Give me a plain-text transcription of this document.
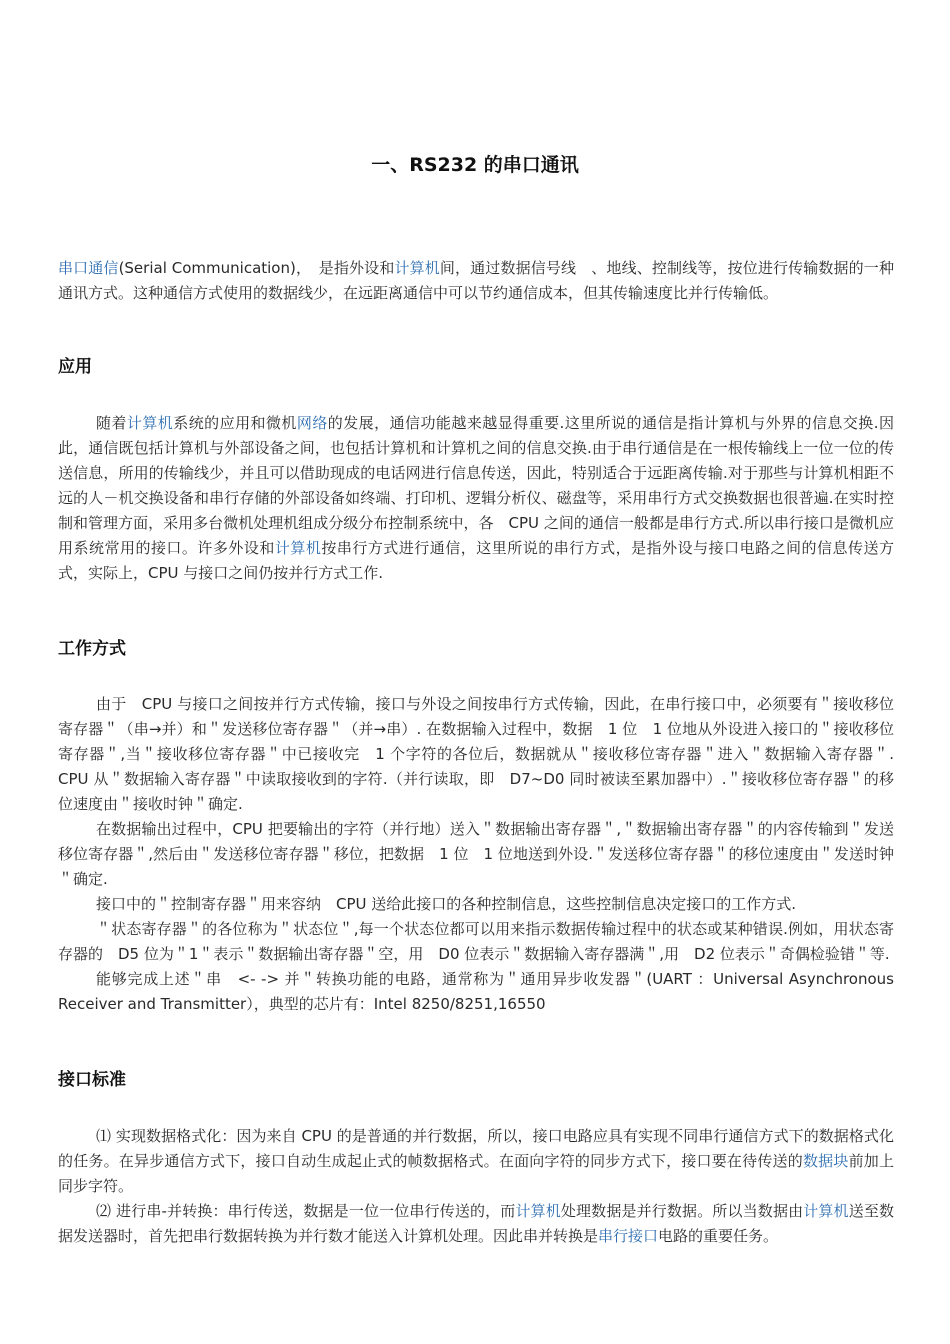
一、RS232 的串口通讯

串口通信(Serial Communication)，　是指外设和计算机间，通过数据信号线　、地线、控制线等，按位进行传输数据的一种通讯方式。这种通信方式使用的数据线少，在远距离通信中可以节约通信成本，但其传输速度比并行传输低。

应用

随着计算机系统的应用和微机网络的发展，通信功能越来越显得重要.这里所说的通信是指计算机与外界的信息交换.因此，通信既包括计算机与外部设备之间，也包括计算机和计算机之间的信息交换.由于串行通信是在一根传输线上一位一位的传送信息，所用的传输线少，并且可以借助现成的电话网进行信息传送，因此，特别适合于远距离传输.对于那些与计算机相距不远的人－机交换设备和串行存储的外部设备如终端、打印机、逻辑分析仪、磁盘等，采用串行方式交换数据也很普遍.在实时控制和管理方面，采用多台微机处理机组成分级分布控制系统中，各　CPU 之间的通信一般都是串行方式.所以串行接口是微机应用系统常用的接口。许多外设和计算机按串行方式进行通信，这里所说的串行方式，是指外设与接口电路之间的信息传送方式，实际上，CPU 与接口之间仍按并行方式工作.

工作方式

由于　CPU 与接口之间按并行方式传输，接口与外设之间按串行方式传输，因此，在串行接口中，必须要有＂接收移位寄存器＂（串→并）和＂发送移位寄存器＂（并→串）. 在数据输入过程中，数据　1 位　1 位地从外设进入接口的＂接收移位寄存器＂,当＂接收移位寄存器＂中已接收完　1 个字符的各位后，数据就从＂接收移位寄存器＂进入＂数据输入寄存器＂. CPU 从＂数据输入寄存器＂中读取接收到的字符.（并行读取，即　D7~D0 同时被读至累加器中）.＂接收移位寄存器＂的移位速度由＂接收时钟＂确定.

在数据输出过程中，CPU 把要输出的字符（并行地）送入＂数据输出寄存器＂,＂数据输出寄存器＂的内容传输到＂发送移位寄存器＂,然后由＂发送移位寄存器＂移位，把数据　1 位　1 位地送到外设.＂发送移位寄存器＂的移位速度由＂发送时钟＂确定.

接口中的＂控制寄存器＂用来容纳　CPU 送给此接口的各种控制信息，这些控制信息决定接口的工作方式.

＂状态寄存器＂的各位称为＂状态位＂,每一个状态位都可以用来指示数据传输过程中的状态或某种错误.例如，用状态寄存器的　D5 位为＂1＂表示＂数据输出寄存器＂空，用　D0 位表示＂数据输入寄存器满＂,用　D2 位表示＂奇偶检验错＂等.

能够完成上述＂串　<- -> 并＂转换功能的电路，通常称为＂通用异步收发器＂(UART ：Universal Asynchronous Receiver and Transmitter），典型的芯片有：Intel 8250/8251,16550

接口标准

⑴ 实现数据格式化：因为来自 CPU 的是普通的并行数据，所以，接口电路应具有实现不同串行通信方式下的数据格式化的任务。在异步通信方式下，接口自动生成起止式的帧数据格式。在面向字符的同步方式下，接口要在待传送的数据块前加上同步字符。

⑵ 进行串-并转换：串行传送，数据是一位一位串行传送的，而计算机处理数据是并行数据。所以当数据由计算机送至数据发送器时，首先把串行数据转换为并行数才能送入计算机处理。因此串并转换是串行接口电路的重要任务。
